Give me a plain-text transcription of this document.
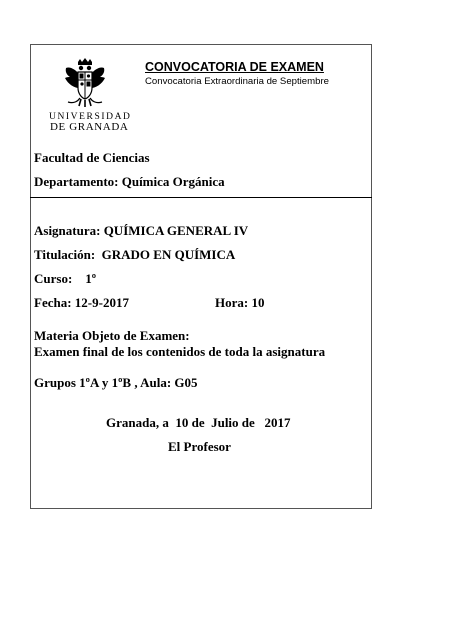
UNIVERSIDAD
DE GRANADA
CONVOCATORIA DE EXAMEN
Convocatoria Extraordinaria de Septiembre
Facultad de Ciencias
Departamento: Química Orgánica
Asignatura: QUÍMICA GENERAL IV
Titulación:  GRADO EN QUÍMICA
Curso:    1º
Fecha: 12-9-2017	Hora: 10
Materia Objeto de Examen:
Examen final de los contenidos de toda la asignatura
Grupos 1ºA y 1ºB , Aula: G05
Granada, a  10 de  Julio de   2017
El Profesor
